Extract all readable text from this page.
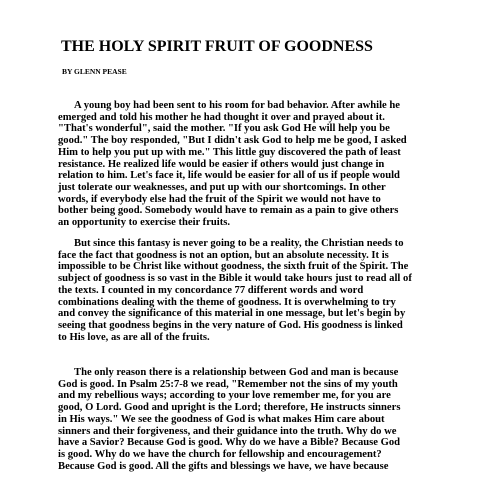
THE HOLY SPIRIT FRUIT OF GOODNESS
BY GLENN PEASE
A young boy had been sent to his room for bad behavior. After awhile he
emerged and told his mother he had thought it over and prayed about it.
"That's wonderful", said the mother. "If you ask God He will help you be
good." The boy responded, "But I didn't ask God to help me be good, I asked
Him to help you put up with me." This little guy discovered the path of least
resistance. He realized life would be easier if others would just change in
relation to him. Let's face it, life would be easier for all of us if people would
just tolerate our weaknesses, and put up with our shortcomings. In other
words, if everybody else had the fruit of the Spirit we would not have to
bother being good. Somebody would have to remain as a pain to give others
an opportunity to exercise their fruits.
But since this fantasy is never going to be a reality, the Christian needs to
face the fact that goodness is not an option, but an absolute necessity. It is
impossible to be Christ like without goodness, the sixth fruit of the Spirit. The
subject of goodness is so vast in the Bible it would take hours just to read all of
the texts. I counted in my concordance 77 different words and word
combinations dealing with the theme of goodness. It is overwhelming to try
and convey the significance of this material in one message, but let's begin by
seeing that goodness begins in the very nature of God. His goodness is linked
to His love, as are all of the fruits.
The only reason there is a relationship between God and man is because
God is good. In Psalm 25:7-8 we read, "Remember not the sins of my youth
and my rebellious ways; according to your love remember me, for you are
good, O Lord. Good and upright is the Lord; therefore, He instructs sinners
in His ways." We see the goodness of God is what makes Him care about
sinners and their forgiveness, and their guidance into the truth. Why do we
have a Savior? Because God is good. Why do we have a Bible? Because God
is good. Why do we have the church for fellowship and encouragement?
Because God is good. All the gifts and blessings we have, we have because
